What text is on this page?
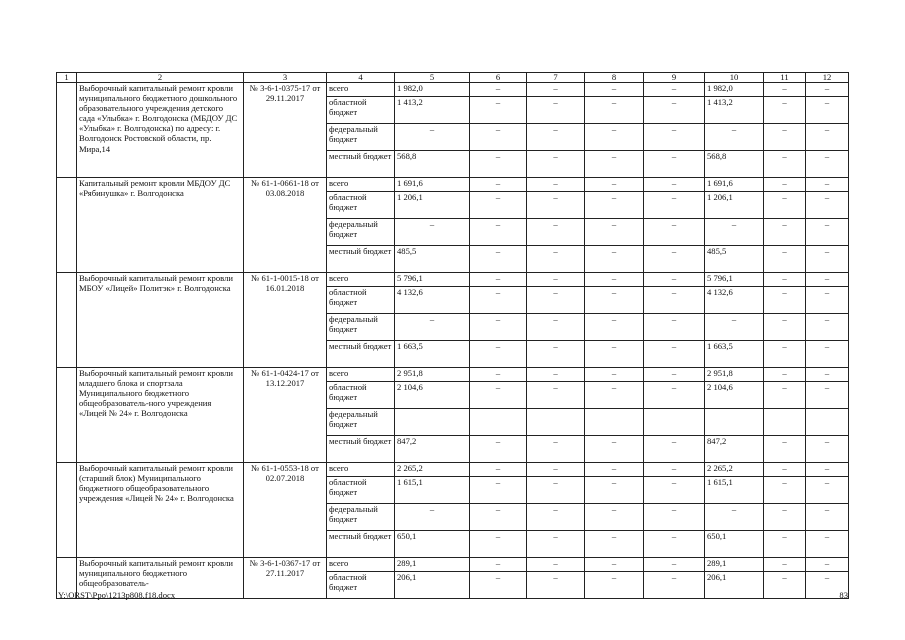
1	2	3	4	5	6	7	8	9	10	11	12
	Выборочный капитальный ремонт кровли муниципального бюджетного дошкольного образовательного учреждения детского сада «Улыбка» г. Волгодонска (МБДОУ ДС «Улыбка» г. Волгодонска) по адресу: г. Волгодонск Ростовской области, пр. Мира,14	№ 3-6-1-0375-17 от 29.11.2017	всего	1 982,0	–	–	–	–	1 982,0	–	–
			областной бюджет	1 413,2	–	–	–	–	1 413,2	–	–
			федеральный бюджет	–	–	–	–	–	–	–	–
			местный бюджет	568,8	–	–	–	–	568,8	–	–
	Капитальный ремонт кровли МБДОУ ДС «Рябинушка» г. Волгодонска	№ 61-1-0661-18 от 03.08.2018	всего	1 691,6	–	–	–	–	1 691,6	–	–
			областной бюджет	1 206,1	–	–	–	–	1 206,1	–	–
			федеральный бюджет	–	–	–	–	–	–	–	–
			местный бюджет	485,5	–	–	–	–	485,5	–	–
	Выборочный капитальный ремонт кровли МБОУ «Лицей» Политэк» г. Волгодонска	№ 61-1-0015-18 от 16.01.2018	всего	5 796,1	–	–	–	–	5 796,1	–	–
			областной бюджет	4 132,6	–	–	–	–	4 132,6	–	–
			федеральный бюджет	–	–	–	–	–	–	–	–
			местный бюджет	1 663,5	–	–	–	–	1 663,5	–	–
	Выборочный капитальный ремонт кровли младшего блока и спортзала Муниципального бюджетного общеобразователь-ного учреждения «Лицей № 24» г. Волгодонска	№ 61-1-0424-17 от 13.12.2017	всего	2 951,8	–	–	–	–	2 951,8	–	–
			областной бюджет	2 104,6	–	–	–	–	2 104,6	–	–
			федеральный бюджет								
			местный бюджет	847,2	–	–	–	–	847,2	–	–
	Выборочный капитальный ремонт кровли (старший блок) Муниципального бюджетного общеобразовательного учреждения «Лицей № 24» г. Волгодонска	№ 61-1-0553-18 от 02.07.2018	всего	2 265,2	–	–	–	–	2 265,2	–	–
			областной бюджет	1 615,1	–	–	–	–	1 615,1	–	–
			федеральный бюджет	–	–	–	–	–	–	–	–
			местный бюджет	650,1	–	–	–	–	650,1	–	–
	Выборочный капитальный ремонт кровли муниципального бюджетного общеобразователь-	№ 3-6-1-0367-17 от 27.11.2017	всего	289,1	–	–	–	–	289,1	–	–
			областной бюджет	206,1	–	–	–	–	206,1	–	–
Y:\ORST\Ppo\1213p808.f18.docx	83
